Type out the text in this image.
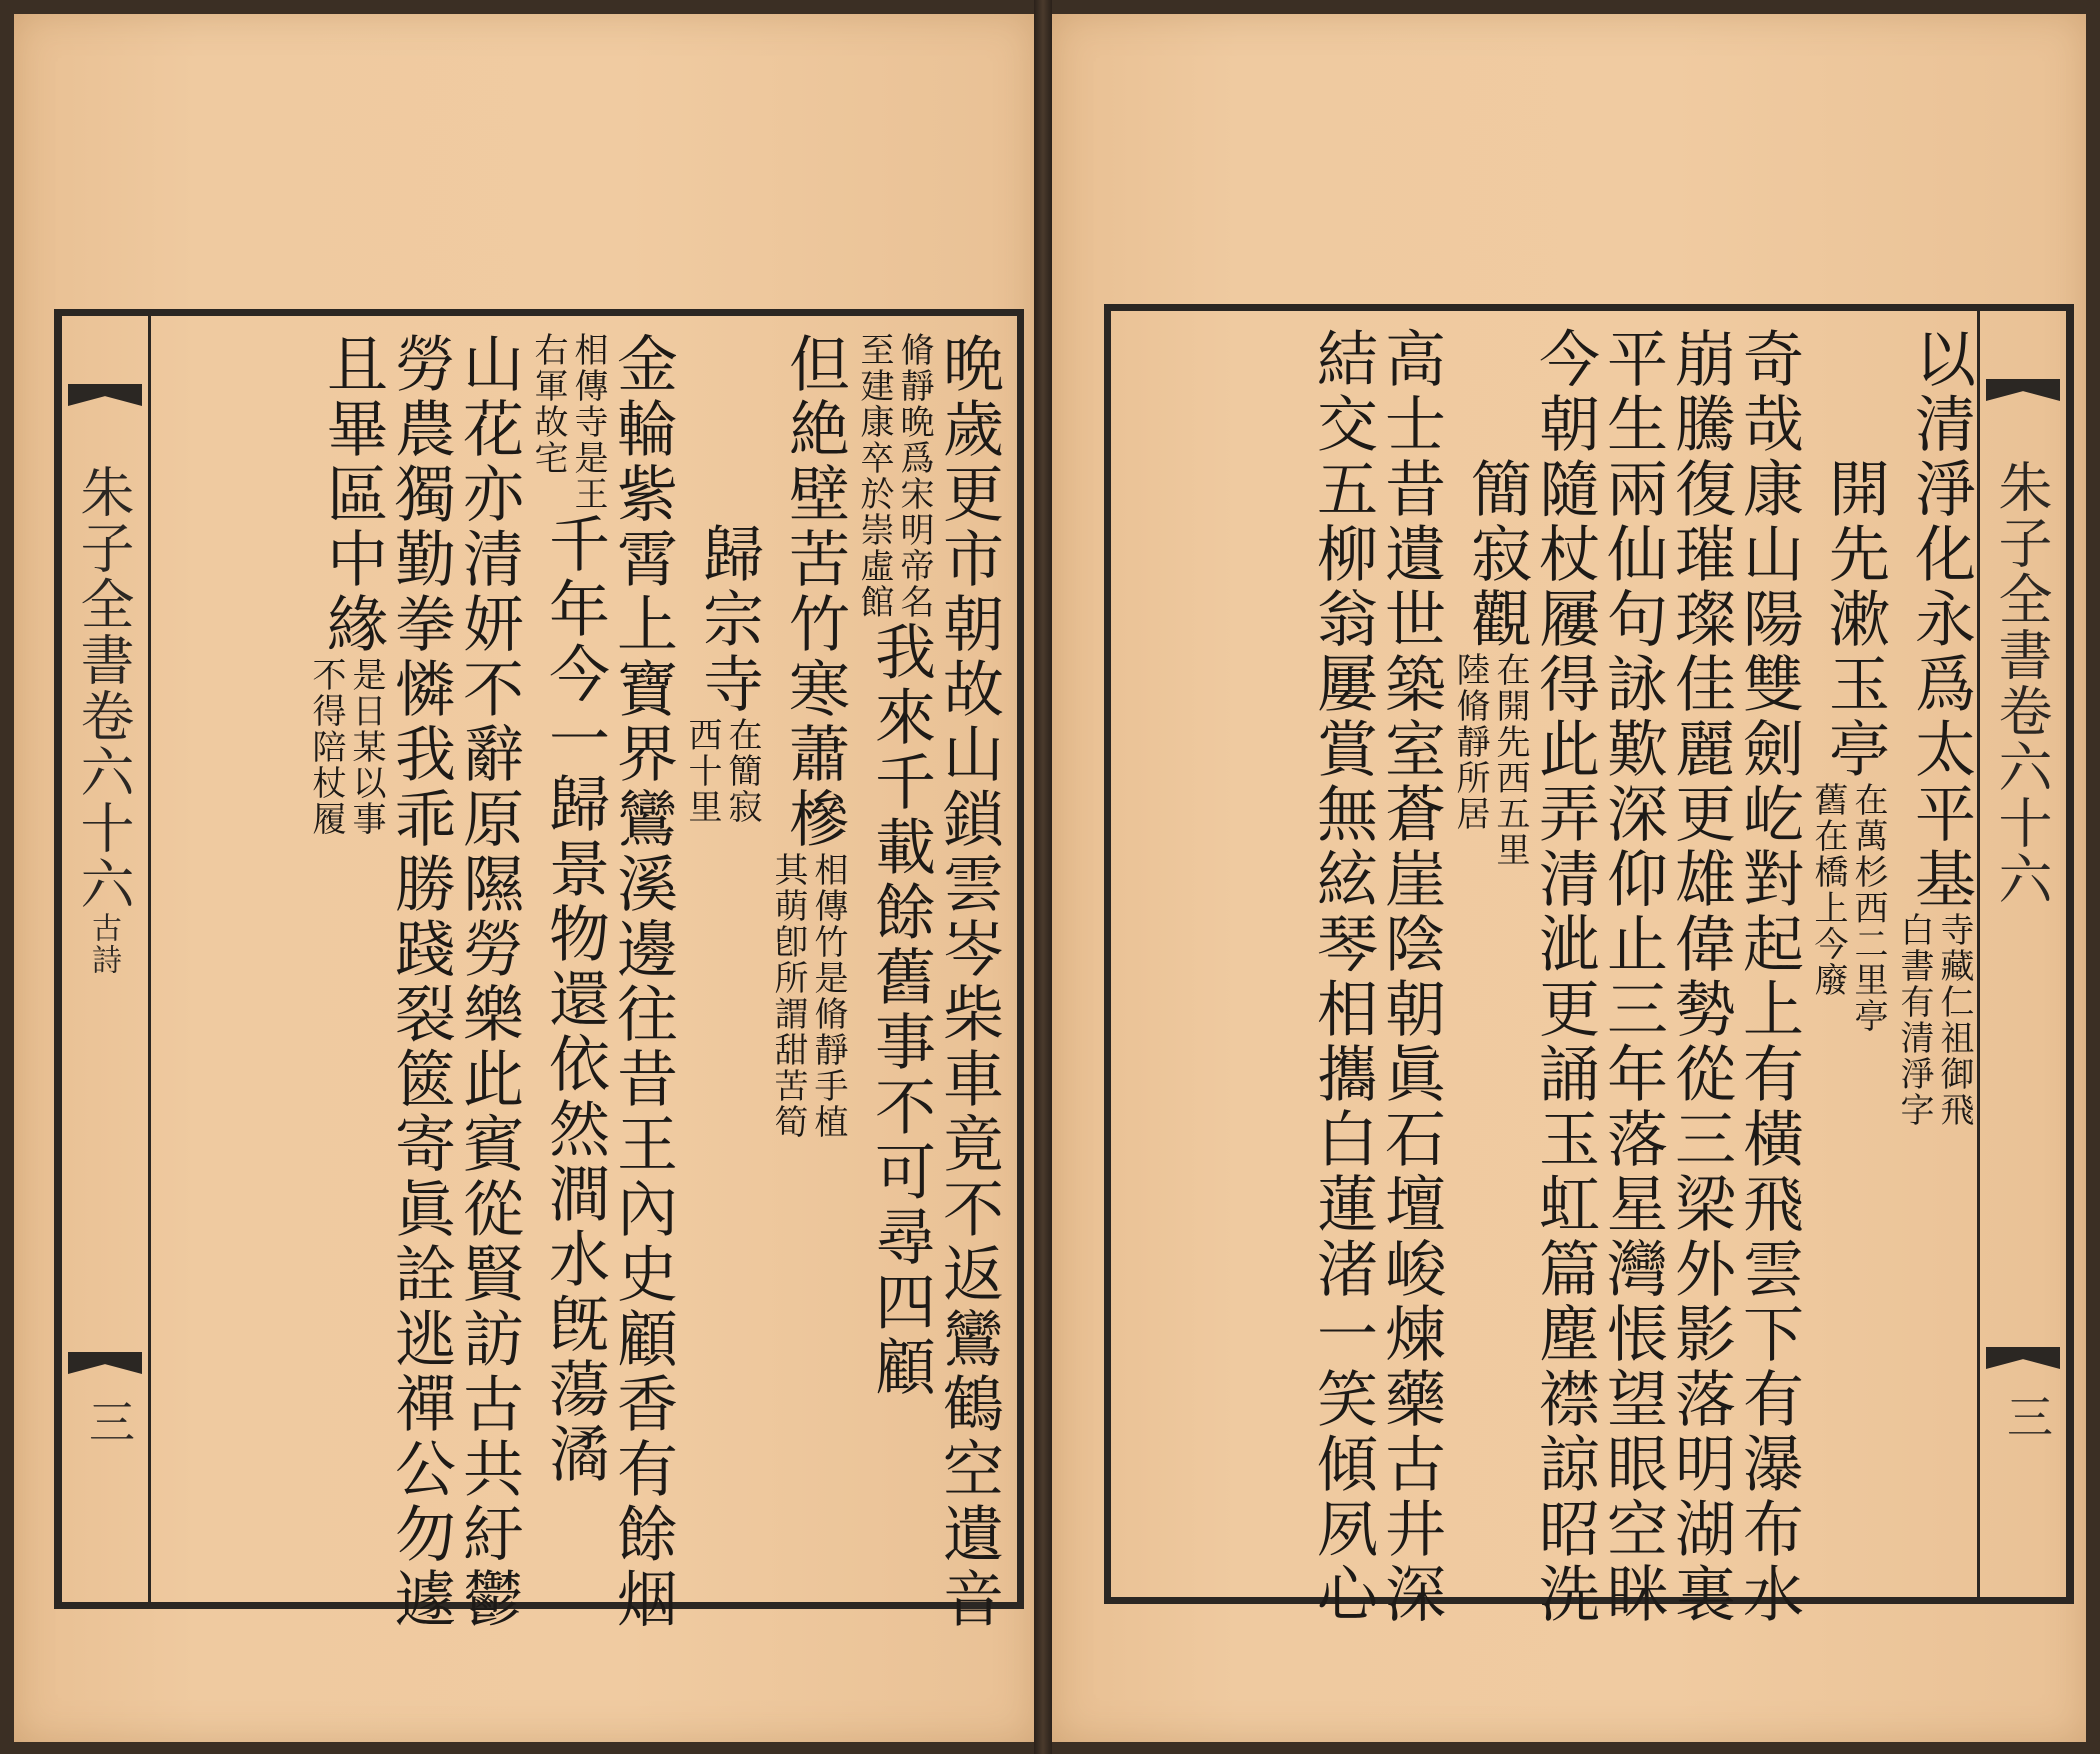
朱子全書卷六十六古詩
三	晩歲更市朝故山鎖雲岑柴車竟不返鸞鶴空遺音
脩靜晩爲宋明帝名
至建康卒於崇虛館
我來千載餘舊事不可尋四顧
但絶壁苦竹寒蕭槮
相傳竹是脩靜手植
其萌卽所謂甜苦筍
歸宗寺
在簡寂
西十里
金輪紫霄上寶界鸞溪邊往昔王內史顧香有餘烟
相傳寺是王
右軍故宅
千年今一歸景物還依然澗水旣蕩潏
山花亦清妍不辭原隰勞樂此賓從賢訪古共紆鬱
勞農獨勤拳憐我乖勝踐裂篋寄眞詮逃禪公勿遽
且畢區中緣
是日某以事
不得陪杖履	朱子全書卷六十六
三
以清淨化永爲太平基
寺藏仁祖御飛
白書有清淨字
開先漱玉亭
在萬杉西二里亭
舊在橋上今廢
奇哉康山陽雙劍屹對起上有橫飛雲下有瀑布水
崩騰復璀璨佳麗更雄偉勢從三梁外影落明湖裏
平生兩仙句詠歎深仰止三年落星灣悵望眼空眯
今朝隨杖屨得此弄清泚更誦玉虹篇塵襟諒昭洗
簡寂觀
在開先西五里
陸脩靜所居
高士昔遺世築室蒼崖陰朝眞石壇峻煉藥古井深
結交五柳翁屢賞無絃琴相攜白蓮渚一笑傾夙心
